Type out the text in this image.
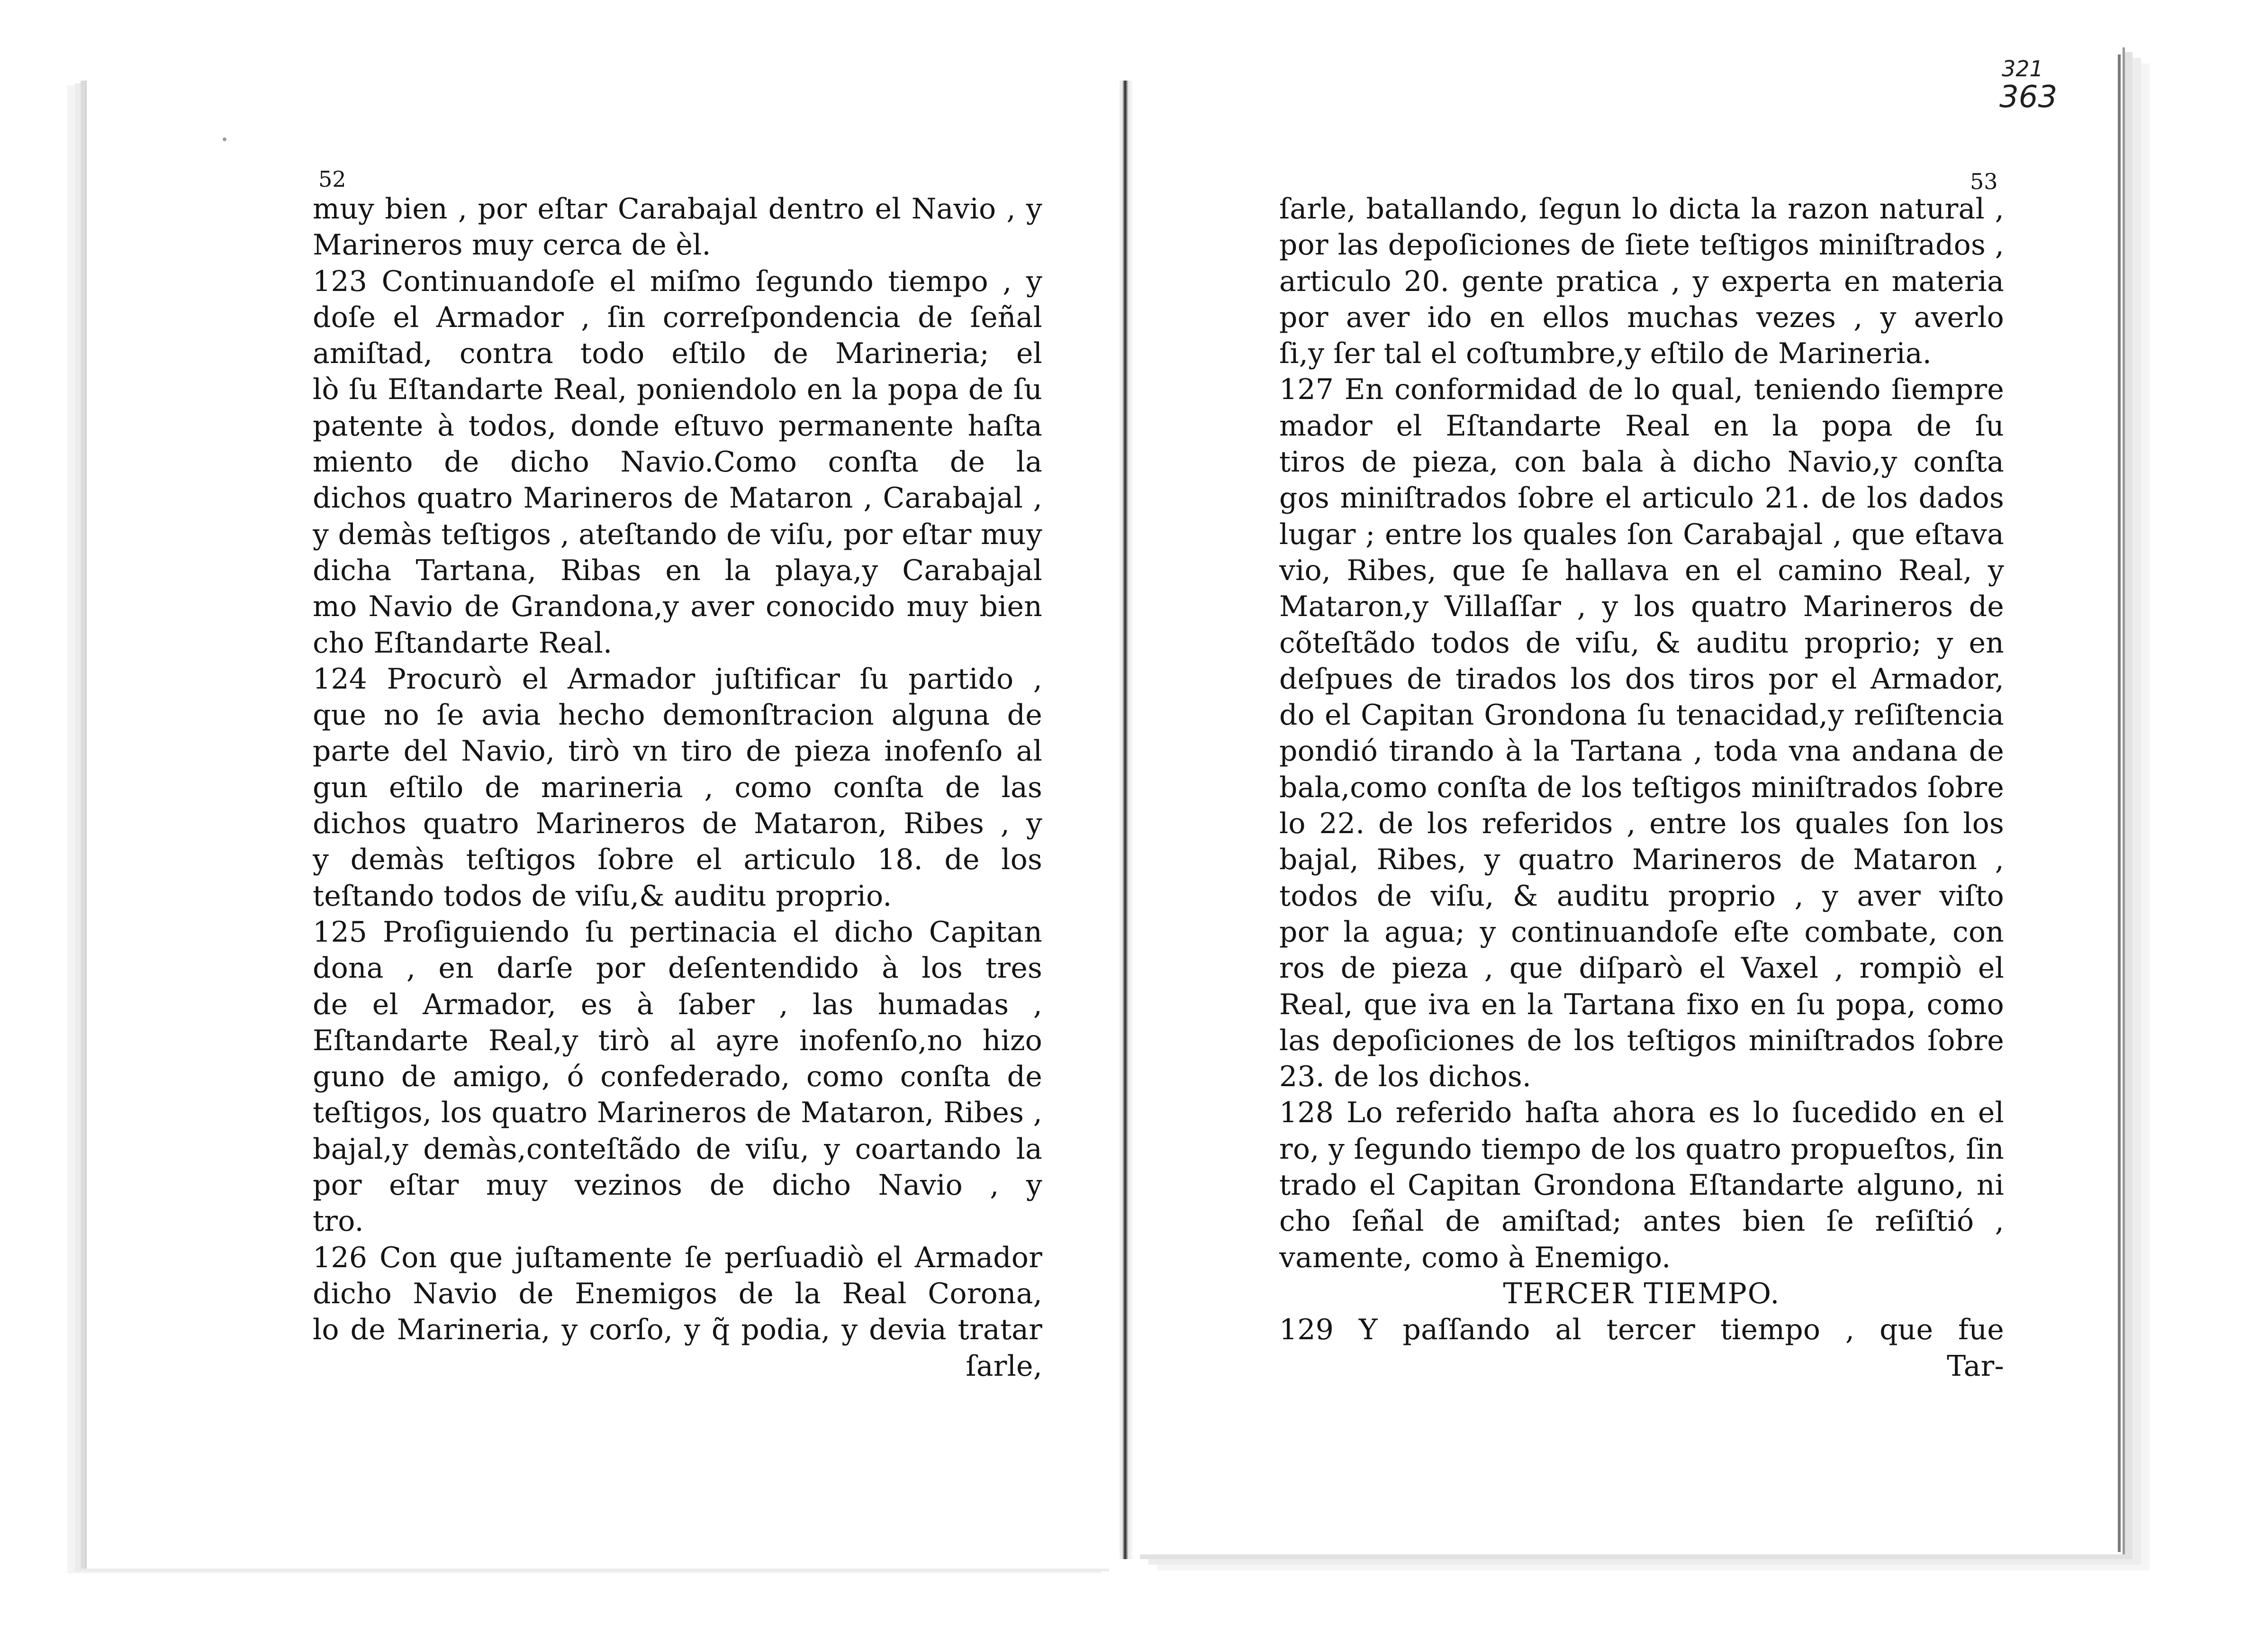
52
muy bien , por eſtar Carabajal dentro el Navio , y
Marineros muy cerca de èl.
123 Continuandoſe el miſmo ſegundo tiempo , y
doſe el Armador , ſin correſpondencia de ſeñal
amiſtad, contra todo eſtilo de Marineria; el
lò ſu Eſtandarte Real, poniendolo en la popa de ſu
patente à todos, donde eſtuvo permanente haſta
miento de dicho Navio.Como conſta de la
dichos quatro Marineros de Mataron , Carabajal ,
y demàs teſtigos , ateſtando de viſu, por eſtar muy
dicha Tartana, Ribas en la playa,y Carabajal
mo Navio de Grandona,y aver conocido muy bien
cho Eſtandarte Real.
124 Procurò el Armador juſtificar ſu partido ,
que no ſe avia hecho demonſtracion alguna de
parte del Navio, tirò vn tiro de pieza inofenſo al
gun eſtilo de marineria , como conſta de las
dichos quatro Marineros de Mataron, Ribes , y
y demàs teſtigos ſobre el articulo 18. de los
teſtando todos de viſu,& auditu proprio.
125 Proſiguiendo ſu pertinacia el dicho Capitan
dona , en darſe por deſentendido à los tres
de el Armador, es à ſaber , las humadas ,
Eſtandarte Real,y tirò al ayre inofenſo,no hizo
guno de amigo, ó confederado, como conſta de
teſtigos, los quatro Marineros de Mataron, Ribes ,
bajal,y demàs,conteſtãdo de viſu, y coartando la
por eſtar muy vezinos de dicho Navio , y
tro.
126 Con que juſtamente ſe perſuadiò el Armador
dicho Navio de Enemigos de la Real Corona,
lo de Marineria, y corſo, y q̃ podia, y devia tratar
ſarle,
321
363
53
ſarle, batallando, ſegun lo dicta la razon natural ,
por las depoſiciones de ſiete teſtigos miniſtrados ,
articulo 20. gente pratica , y experta en materia
por aver ido en ellos muchas vezes , y averlo
ſi,y ſer tal el coſtumbre,y eſtilo de Marineria.
127 En conformidad de lo qual, teniendo ſiempre
mador el Eſtandarte Real en la popa de ſu
tiros de pieza, con bala à dicho Navio,y conſta
gos miniſtrados ſobre el articulo 21. de los dados
lugar ; entre los quales ſon Carabajal , que eſtava
vio, Ribes, que ſe hallava en el camino Real, y
Mataron,y Villaſſar , y los quatro Marineros de
cõteſtãdo todos de viſu, & auditu proprio; y en
deſpues de tirados los dos tiros por el Armador,
do el Capitan Grondona ſu tenacidad,y reſiſtencia
pondió tirando à la Tartana , toda vna andana de
bala,como conſta de los teſtigos miniſtrados ſobre
lo 22. de los referidos , entre los quales ſon los
bajal, Ribes, y quatro Marineros de Mataron ,
todos de viſu, & auditu proprio , y aver viſto
por la agua; y continuandoſe eſte combate, con
ros de pieza , que diſparò el Vaxel , rompiò el
Real, que iva en la Tartana fixo en ſu popa, como
las depoſiciones de los teſtigos miniſtrados ſobre
23. de los dichos.
128 Lo referido haſta ahora es lo ſucedido en el
ro, y ſegundo tiempo de los quatro propueſtos, ſin
trado el Capitan Grondona Eſtandarte alguno, ni
cho ſeñal de amiſtad; antes bien ſe reſiſtió ,
vamente, como à Enemigo.
TERCER TIEMPO.
129 Y paſſando al tercer tiempo , que fue
Tar-
